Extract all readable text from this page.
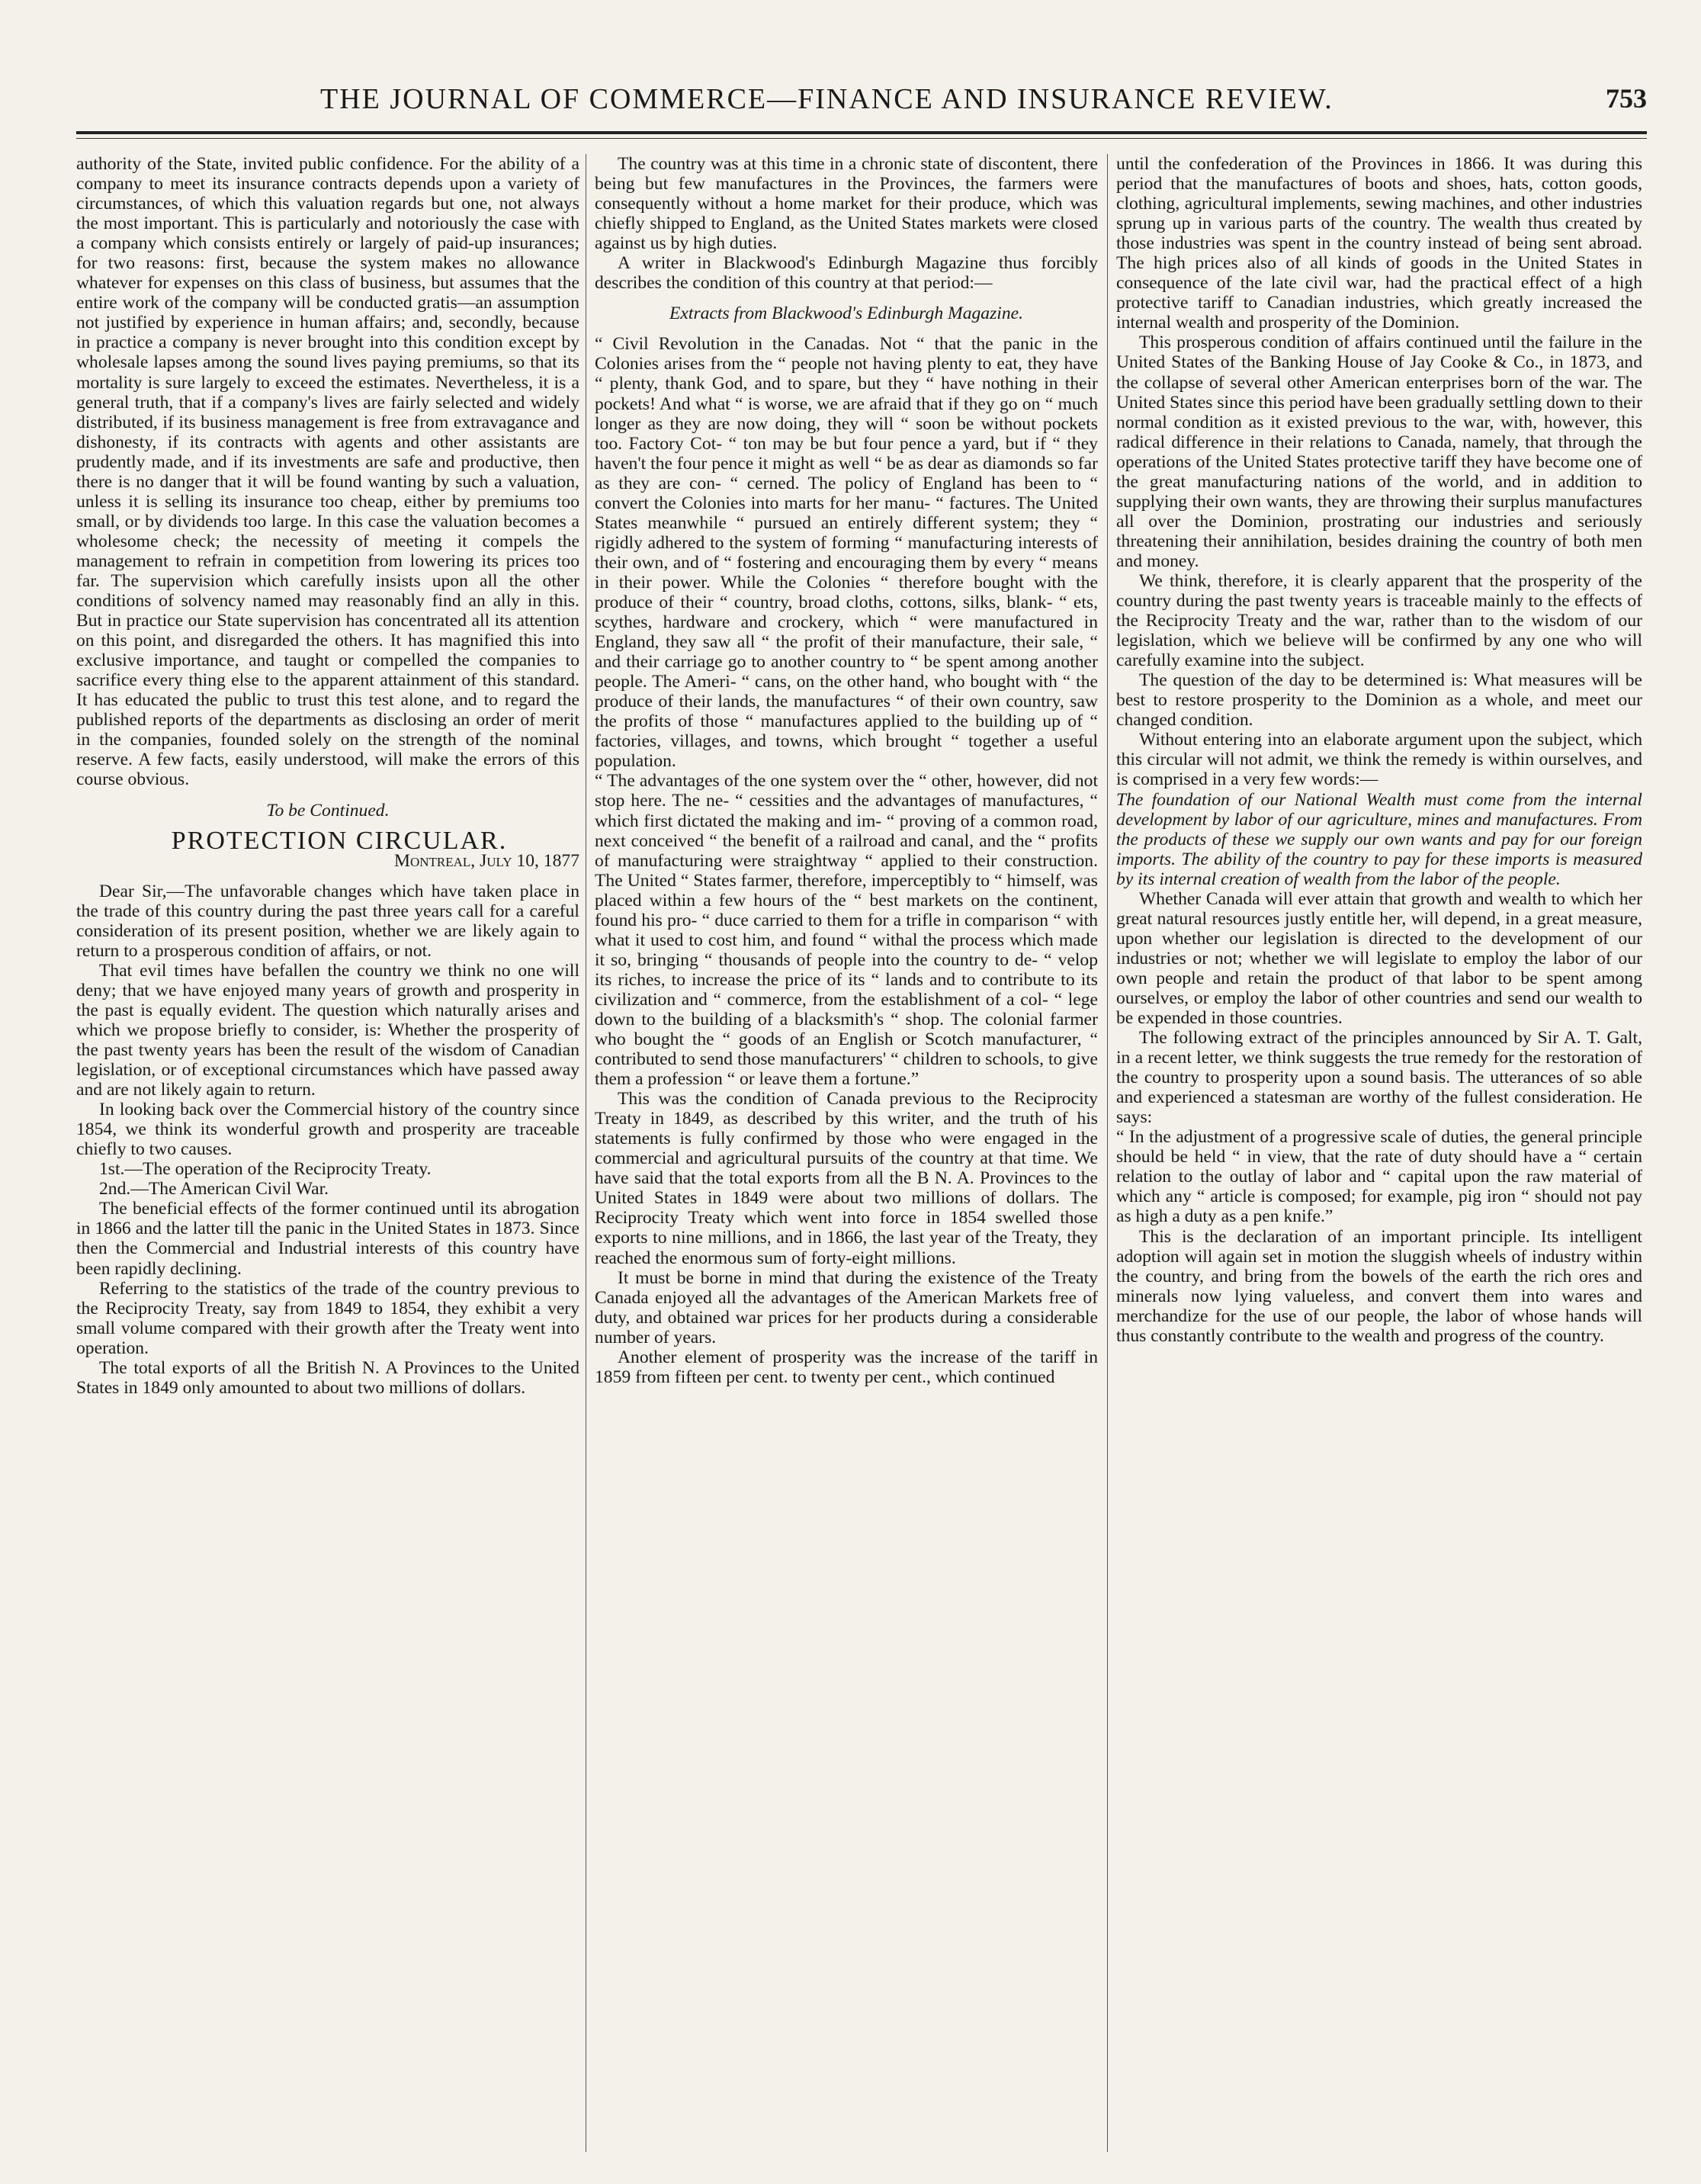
THE JOURNAL OF COMMERCE—FINANCE AND INSURANCE REVIEW.	753

authority of the State, invited public confidence. For the ability of a company to meet its insurance contracts depends upon a variety of circumstances, of which this valuation regards but one, not always the most important. This is particularly and notoriously the case with a company which consists entirely or largely of paid-up insurances; for two reasons: first, because the system makes no allowance whatever for expenses on this class of business, but assumes that the entire work of the company will be conducted gratis—an assumption not justified by experience in human affairs; and, secondly, because in practice a company is never brought into this condition except by wholesale lapses among the sound lives paying premiums, so that its mortality is sure largely to exceed the estimates. Nevertheless, it is a general truth, that if a company's lives are fairly selected and widely distributed, if its business management is free from extravagance and dishonesty, if its contracts with agents and other assistants are prudently made, and if its investments are safe and productive, then there is no danger that it will be found wanting by such a valuation, unless it is selling its insurance too cheap, either by premiums too small, or by dividends too large. In this case the valuation becomes a wholesome check; the necessity of meeting it compels the management to refrain in competition from lowering its prices too far. The supervision which carefully insists upon all the other conditions of solvency named may reasonably find an ally in this. But in practice our State supervision has concentrated all its attention on this point, and disregarded the others. It has magnified this into exclusive importance, and taught or compelled the companies to sacrifice every thing else to the apparent attainment of this standard. It has educated the public to trust this test alone, and to regard the published reports of the departments as disclosing an order of merit in the companies, founded solely on the strength of the nominal reserve. A few facts, easily understood, will make the errors of this course obvious.

To be Continued.

PROTECTION CIRCULAR.

Montreal, July 10, 1877

Dear Sir,—The unfavorable changes which have taken place in the trade of this country during the past three years call for a careful consideration of its present position, whether we are likely again to return to a prosperous condition of affairs, or not.

That evil times have befallen the country we think no one will deny; that we have enjoyed many years of growth and prosperity in the past is equally evident. The question which naturally arises and which we propose briefly to consider, is: Whether the prosperity of the past twenty years has been the result of the wisdom of Canadian legislation, or of exceptional circumstances which have passed away and are not likely again to return.

In looking back over the Commercial history of the country since 1854, we think its wonderful growth and prosperity are traceable chiefly to two causes.

1st.—The operation of the Reciprocity Treaty.

2nd.—The American Civil War.

The beneficial effects of the former continued until its abrogation in 1866 and the latter till the panic in the United States in 1873. Since then the Commercial and Industrial interests of this country have been rapidly declining.

Referring to the statistics of the trade of the country previous to the Reciprocity Treaty, say from 1849 to 1854, they exhibit a very small volume compared with their growth after the Treaty went into operation.

The total exports of all the British N. A Provinces to the United States in 1849 only amounted to about two millions of dollars.

The country was at this time in a chronic state of discontent, there being but few manufactures in the Provinces, the farmers were consequently without a home market for their produce, which was chiefly shipped to England, as the United States markets were closed against us by high duties.

A writer in Blackwood's Edinburgh Magazine thus forcibly describes the condition of this country at that period:—

Extracts from Blackwood's Edinburgh Magazine.

“ Civil Revolution in the Canadas. Not “ that the panic in the Colonies arises from the “ people not having plenty to eat, they have “ plenty, thank God, and to spare, but they “ have nothing in their pockets! And what “ is worse, we are afraid that if they go on “ much longer as they are now doing, they will “ soon be without pockets too. Factory Cot- “ ton may be but four pence a yard, but if “ they haven't the four pence it might as well “ be as dear as diamonds so far as they are con- “ cerned. The policy of England has been to “ convert the Colonies into marts for her manu- “ factures. The United States meanwhile “ pursued an entirely different system; they “ rigidly adhered to the system of forming “ manufacturing interests of their own, and of “ fostering and encouraging them by every “ means in their power. While the Colonies “ therefore bought with the produce of their “ country, broad cloths, cottons, silks, blank- “ ets, scythes, hardware and crockery, which “ were manufactured in England, they saw all “ the profit of their manufacture, their sale, “ and their carriage go to another country to “ be spent among another people. The Ameri- “ cans, on the other hand, who bought with “ the produce of their lands, the manufactures “ of their own country, saw the profits of those “ manufactures applied to the building up of “ factories, villages, and towns, which brought “ together a useful population.

“ The advantages of the one system over the “ other, however, did not stop here. The ne- “ cessities and the advantages of manufactures, “ which first dictated the making and im- “ proving of a common road, next conceived “ the benefit of a railroad and canal, and the “ profits of manufacturing were straightway “ applied to their construction. The United “ States farmer, therefore, imperceptibly to “ himself, was placed within a few hours of the “ best markets on the continent, found his pro- “ duce carried to them for a trifle in comparison “ with what it used to cost him, and found “ withal the process which made it so, bringing “ thousands of people into the country to de- “ velop its riches, to increase the price of its “ lands and to contribute to its civilization and “ commerce, from the establishment of a col- “ lege down to the building of a blacksmith's “ shop. The colonial farmer who bought the “ goods of an English or Scotch manufacturer, “ contributed to send those manufacturers' “ children to schools, to give them a profession “ or leave them a fortune.”

This was the condition of Canada previous to the Reciprocity Treaty in 1849, as described by this writer, and the truth of his statements is fully confirmed by those who were engaged in the commercial and agricultural pursuits of the country at that time. We have said that the total exports from all the B N. A. Provinces to the United States in 1849 were about two millions of dollars. The Reciprocity Treaty which went into force in 1854 swelled those exports to nine millions, and in 1866, the last year of the Treaty, they reached the enormous sum of forty-eight millions.

It must be borne in mind that during the existence of the Treaty Canada enjoyed all the advantages of the American Markets free of duty, and obtained war prices for her products during a considerable number of years.

Another element of prosperity was the increase of the tariff in 1859 from fifteen per cent. to twenty per cent., which continued

until the confederation of the Provinces in 1866. It was during this period that the manufactures of boots and shoes, hats, cotton goods, clothing, agricultural implements, sewing machines, and other industries sprung up in various parts of the country. The wealth thus created by those industries was spent in the country instead of being sent abroad. The high prices also of all kinds of goods in the United States in consequence of the late civil war, had the practical effect of a high protective tariff to Canadian industries, which greatly increased the internal wealth and prosperity of the Dominion.

This prosperous condition of affairs continued until the failure in the United States of the Banking House of Jay Cooke & Co., in 1873, and the collapse of several other American enterprises born of the war. The United States since this period have been gradually settling down to their normal condition as it existed previous to the war, with, however, this radical difference in their relations to Canada, namely, that through the operations of the United States protective tariff they have become one of the great manufacturing nations of the world, and in addition to supplying their own wants, they are throwing their surplus manufactures all over the Dominion, prostrating our industries and seriously threatening their annihilation, besides draining the country of both men and money.

We think, therefore, it is clearly apparent that the prosperity of the country during the past twenty years is traceable mainly to the effects of the Reciprocity Treaty and the war, rather than to the wisdom of our legislation, which we believe will be confirmed by any one who will carefully examine into the subject.

The question of the day to be determined is: What measures will be best to restore prosperity to the Dominion as a whole, and meet our changed condition.

Without entering into an elaborate argument upon the subject, which this circular will not admit, we think the remedy is within ourselves, and is comprised in a very few words:—

The foundation of our National Wealth must come from the internal development by labor of our agriculture, mines and manufactures. From the products of these we supply our own wants and pay for our foreign imports. The ability of the country to pay for these imports is measured by its internal creation of wealth from the labor of the people.

Whether Canada will ever attain that growth and wealth to which her great natural resources justly entitle her, will depend, in a great measure, upon whether our legislation is directed to the development of our industries or not; whether we will legislate to employ the labor of our own people and retain the product of that labor to be spent among ourselves, or employ the labor of other countries and send our wealth to be expended in those countries.

The following extract of the principles announced by Sir A. T. Galt, in a recent letter, we think suggests the true remedy for the restoration of the country to prosperity upon a sound basis. The utterances of so able and experienced a statesman are worthy of the fullest consideration. He says:

“ In the adjustment of a progressive scale of duties, the general principle should be held “ in view, that the rate of duty should have a “ certain relation to the outlay of labor and “ capital upon the raw material of which any “ article is composed; for example, pig iron “ should not pay as high a duty as a pen knife.”

This is the declaration of an important principle. Its intelligent adoption will again set in motion the sluggish wheels of industry within the country, and bring from the bowels of the earth the rich ores and minerals now lying valueless, and convert them into wares and merchandize for the use of our people, the labor of whose hands will thus constantly contribute to the wealth and progress of the country.
